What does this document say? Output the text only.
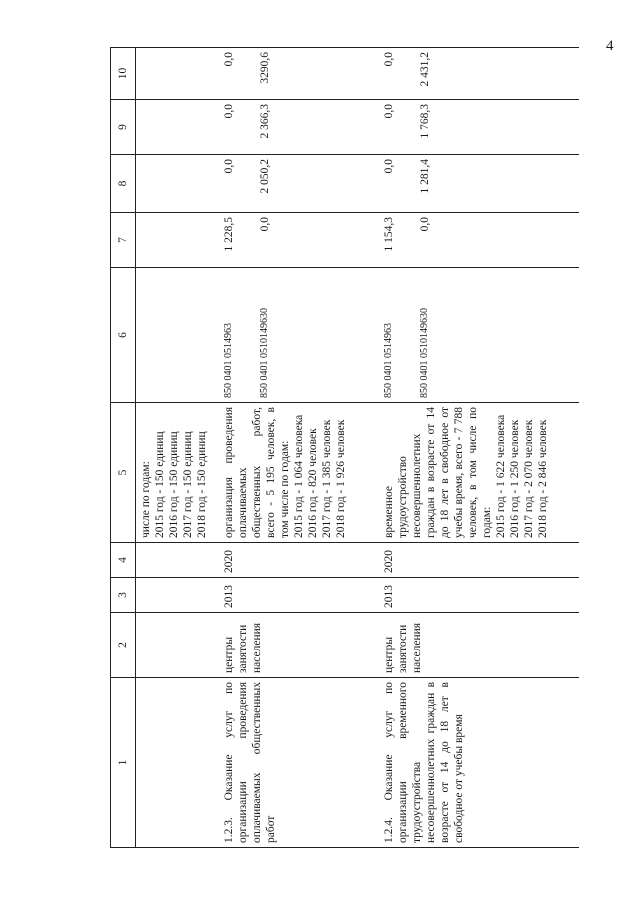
4
1	2	3	4	5	6	7	8	9	10

				числе по годам: 2015 год - 150 единиц 2016 год - 150 единиц 2017 год - 150 единиц 2018 год - 150 единиц					

1.2.3. Оказание услуг по организации проведения оплачиваемых общественных работ	центры занятости населения	2013	2020	организация проведения оплачиваемых общественных работ, всего - 5 195 человек, в том числе по годам: 2015 год - 1 064 человека 2016 год - 820 человек 2017 год - 1 385 человек 2018 год - 1 926 человек	850 0401 0514963 850 0401 0510149630	1 228,5 0,0	0,0 2 050,2	0,0 2 366,3	0,0 3290,6

1.2.4. Оказание услуг по организации временного трудоустройства несовершеннолетних граждан в возрасте от 14 до 18 лет в свободное от учебы время	центры занятости населения	2013	2020	временное трудоустройство несовершеннолетних граждан в возрасте от 14 до 18 лет в свободное от учебы время, всего - 7 788 человек, в том числе по годам: 2015 год - 1 622 человека 2016 год - 1 250 человек 2017 год - 2 070 человек 2018 год - 2 846 человек	850 0401 0514963 850 0401 0510149630	1 154,3 0,0	0,0 1 281,4	0,0 1 768,3	0,0 2 431,2
